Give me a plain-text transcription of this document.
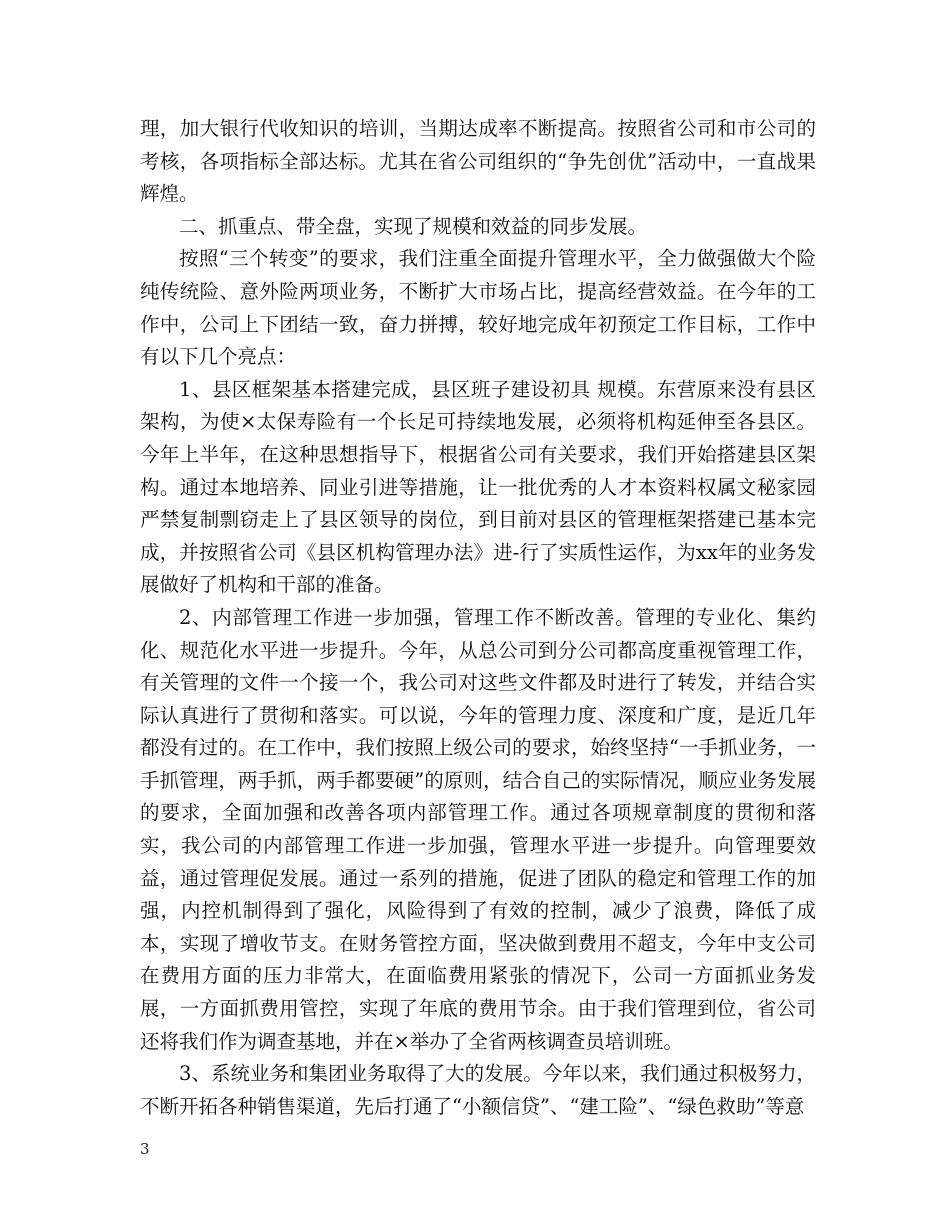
理，加大银行代收知识的培训，当期达成率不断提高。按照省公司和市公司的考核，各项指标全部达标。尤其在省公司组织的“争先创优”活动中，一直战果辉煌。

二、抓重点、带全盘，实现了规模和效益的同步发展。

按照“三个转变”的要求，我们注重全面提升管理水平，全力做强做大个险纯传统险、意外险两项业务，不断扩大市场占比，提高经营效益。在今年的工作中，公司上下团结一致，奋力拼搏，较好地完成年初预定工作目标，工作中有以下几个亮点：

1、县区框架基本搭建完成，县区班子建设初具 规模。东营原来没有县区架构，为使×太保寿险有一个长足可持续地发展，必须将机构延伸至各县区。今年上半年，在这种思想指导下，根据省公司有关要求，我们开始搭建县区架构。通过本地培养、同业引进等措施，让一批优秀的人才本资料权属文秘家园严禁复制剽窃走上了县区领导的岗位，到目前对县区的管理框架搭建已基本完成，并按照省公司《县区机构管理办法》进-行了实质性运作，为xx年的业务发展做好了机构和干部的准备。

2、内部管理工作进一步加强，管理工作不断改善。管理的专业化、集约化、规范化水平进一步提升。今年，从总公司到分公司都高度重视管理工作，有关管理的文件一个接一个，我公司对这些文件都及时进行了转发，并结合实际认真进行了贯彻和落实。可以说，今年的管理力度、深度和广度，是近几年都没有过的。在工作中，我们按照上级公司的要求，始终坚持“一手抓业务，一手抓管理，两手抓，两手都要硬”的原则，结合自己的实际情况，顺应业务发展的要求，全面加强和改善各项内部管理工作。通过各项规章制度的贯彻和落实，我公司的内部管理工作进一步加强，管理水平进一步提升。向管理要效益，通过管理促发展。通过一系列的措施，促进了团队的稳定和管理工作的加强，内控机制得到了强化，风险得到了有效的控制，减少了浪费，降低了成本，实现了增收节支。在财务管控方面，坚决做到费用不超支，今年中支公司在费用方面的压力非常大，在面临费用紧张的情况下，公司一方面抓业务发展，一方面抓费用管控，实现了年底的费用节余。由于我们管理到位，省公司还将我们作为调查基地，并在×举办了全省两核调查员培训班。

3、系统业务和集团业务取得了大的发展。今年以来，我们通过积极努力，不断开拓各种销售渠道，先后打通了“小额信贷”、“建工险”、“绿色救助”等意

3
